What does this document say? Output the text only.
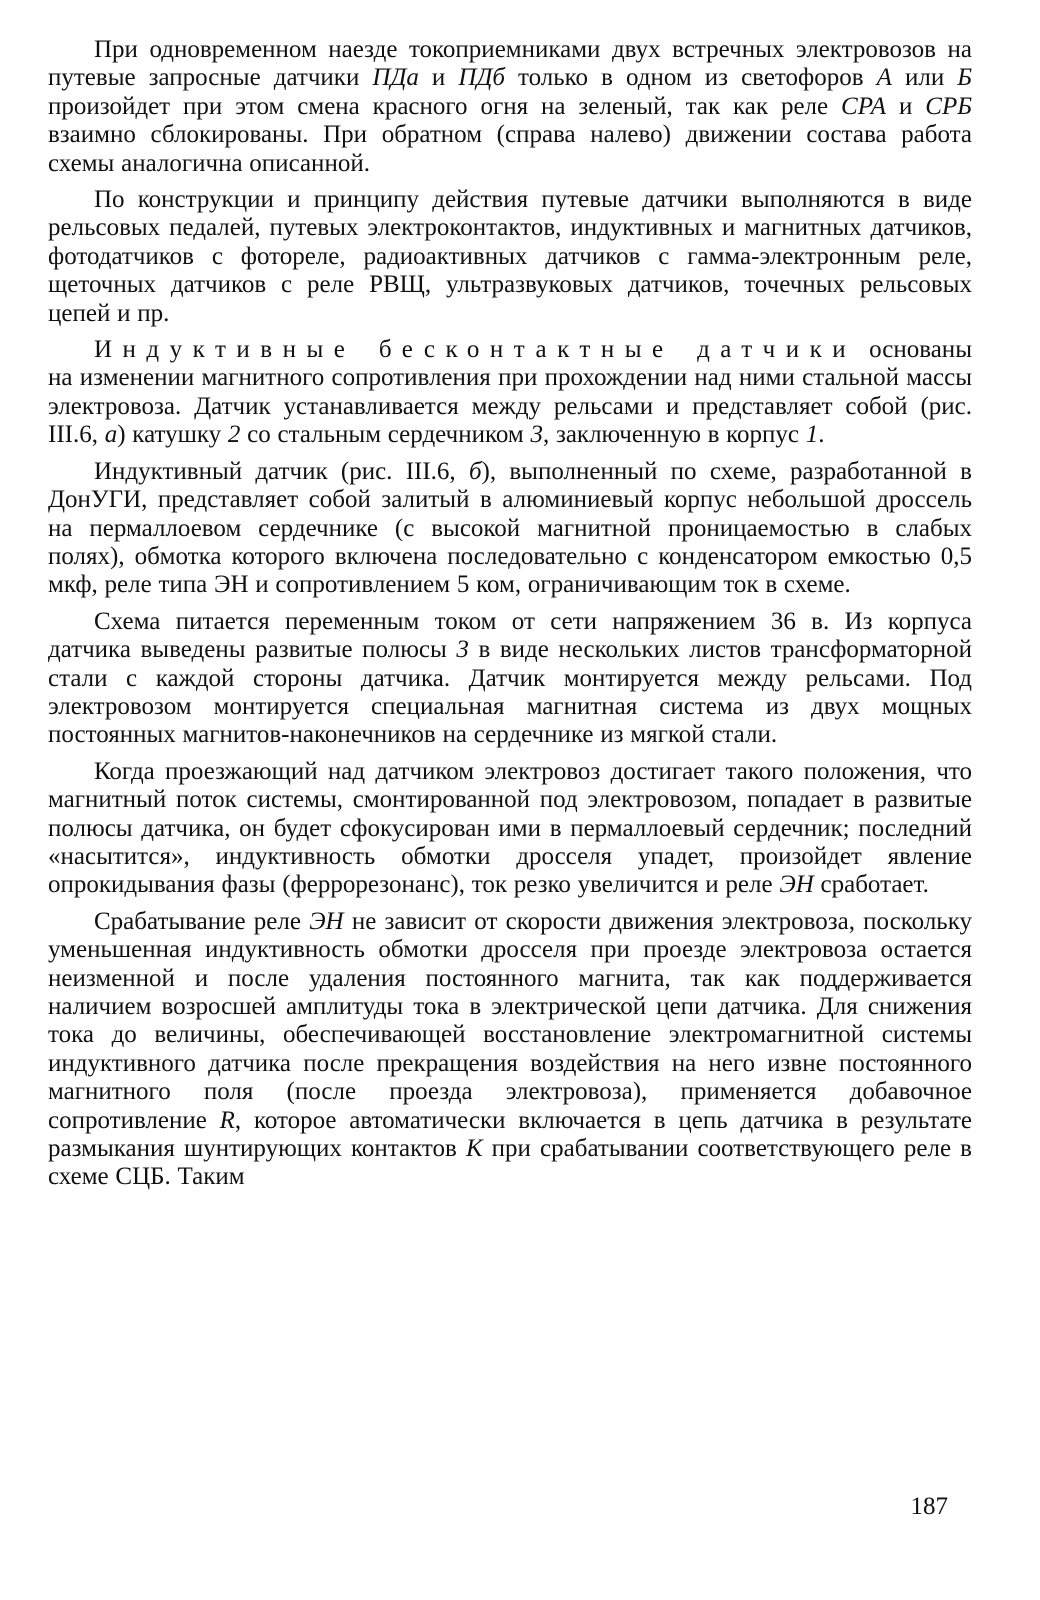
При одновременном наезде токоприемниками двух встречных электровозов на путевые запросные датчики ПДа и ПДб только в одном из светофоров А или Б произойдет при этом смена красного огня на зеленый, так как реле СРА и СРБ взаимно сблокированы. При обратном (справа налево) движении состава работа схемы аналогична описанной.

По конструкции и принципу действия путевые датчики выполняются в виде рельсовых педалей, путевых электроконтактов, индуктивных и магнитных датчиков, фотодатчиков с фотореле, радиоактивных датчиков с гамма-электронным реле, щеточных датчиков с реле РВЩ, ультразвуковых датчиков, точечных рельсовых цепей и пр.

Индуктивные бесконтактные датчики основаны на изменении магнитного сопротивления при прохождении над ними стальной массы электровоза. Датчик устанавливается между рельсами и представляет собой (рис. III.6, а) катушку 2 со стальным сердечником 3, заключенную в корпус 1.

Индуктивный датчик (рис. III.6, б), выполненный по схеме, разработанной в ДонУГИ, представляет собой залитый в алюминиевый корпус небольшой дроссель на пермаллоевом сердечнике (с высокой магнитной проницаемостью в слабых полях), обмотка которого включена последовательно с конденсатором емкостью 0,5 мкф, реле типа ЭН и сопротивлением 5 ком, ограничивающим ток в схеме.

Схема питается переменным током от сети напряжением 36 в. Из корпуса датчика выведены развитые полюсы 3 в виде нескольких листов трансформаторной стали с каждой стороны датчика. Датчик монтируется между рельсами. Под электровозом монтируется специальная магнитная система из двух мощных постоянных магнитов-наконечников на сердечнике из мягкой стали.

Когда проезжающий над датчиком электровоз достигает такого положения, что магнитный поток системы, смонтированной под электровозом, попадает в развитые полюсы датчика, он будет сфокусирован ими в пермаллоевый сердечник; последний «насытится», индуктивность обмотки дросселя упадет, произойдет явление опрокидывания фазы (феррорезонанс), ток резко увеличится и реле ЭН сработает.

Срабатывание реле ЭН не зависит от скорости движения электровоза, поскольку уменьшенная индуктивность обмотки дросселя при проезде электровоза остается неизменной и после удаления постоянного магнита, так как поддерживается наличием возросшей амплитуды тока в электрической цепи датчика. Для снижения тока до величины, обеспечивающей восстановление электромагнитной системы индуктивного датчика после прекращения воздействия на него извне постоянного магнитного поля (после проезда электровоза), применяется добавочное сопротивление R, которое автоматически включается в цепь датчика в результате размыкания шунтирующих контактов К при срабатывании соответствующего реле в схеме СЦБ. Таким

187
